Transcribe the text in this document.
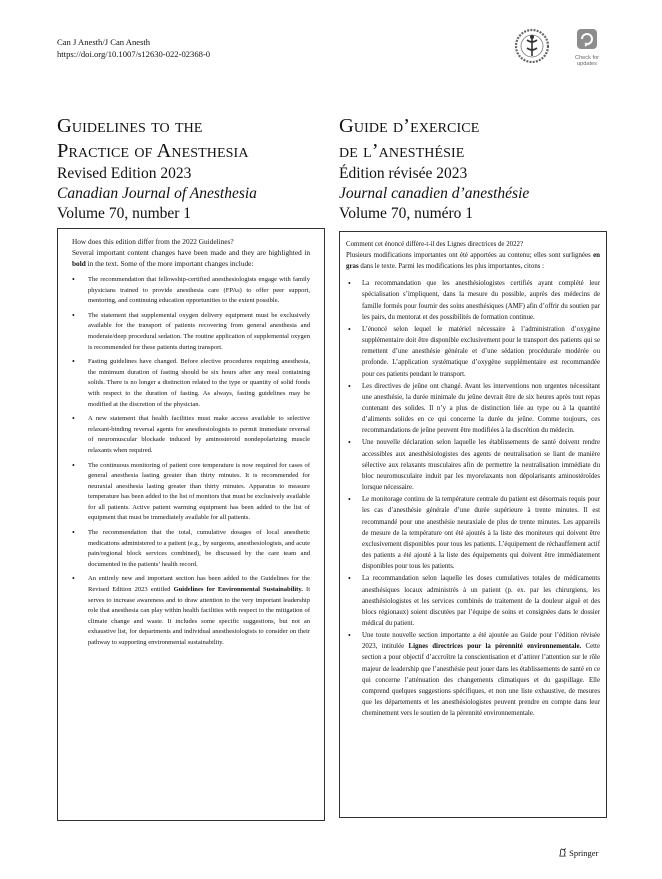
Can J Anesth/J Can Anesth
https://doi.org/10.1007/s12630-022-02368-0	Check for updates
Guidelines to the
Practice of Anesthesia
Revised Edition 2023
Canadian Journal of Anesthesia
Volume 70, number 1
Guide d’exercice
de l’anesthésie
Édition révisée 2023
Journal canadien d’anesthésie
Volume 70, numéro 1
How does this edition differ from the 2022 Guidelines?
Several important content changes have been made and they are highlighted in bold in the text. Some of the more important changes include:
• The recommendation that fellowship-certified anesthesiologists engage with family physicians trained to provide anesthesia care (FPAs) to offer peer support, mentoring, and continuing education opportunities to the extent possible.
• The statement that supplemental oxygen delivery equipment must be exclusively available for the transport of patients recovering from general anesthesia and moderate/deep procedural sedation. The routine application of supplemental oxygen is recommended for these patients during transport.
• Fasting guidelines have changed. Before elective procedures requiring anesthesia, the minimum duration of fasting should be six hours after any meal containing solids. There is no longer a distinction related to the type or quantity of solid foods with respect to the duration of fasting. As always, fasting guidelines may be modified at the discretion of the physician.
• A new statement that health facilities must make access available to selective relaxant-binding reversal agents for anesthesiologists to permit immediate reversal of neuromuscular blockade induced by aminosteroid nondepolarizing muscle relaxants when required.
• The continuous monitoring of patient core temperature is now required for cases of general anesthesia lasting greater than thirty minutes. It is recommended for neuraxial anesthesia lasting greater than thirty minutes. Apparatus to measure temperature has been added to the list of monitors that must be exclusively available for all patients. Active patient warming equipment has been added to the list of equipment that must be immediately available for all patients.
• The recommendation that the total, cumulative dosages of local anesthetic medications administered to a patient (e.g., by surgeons, anesthesiologists, and acute pain/regional block services combined), be discussed by the care team and documented in the patients’ health record.
• An entirely new and important section has been added to the Guidelines for the Revised Edition 2023 entitled Guidelines for Environmental Sustainability. It serves to increase awareness and to draw attention to the very important leadership role that anesthesia can play within health facilities with respect to the mitigation of climate change and waste. It includes some specific suggestions, but not an exhaustive list, for departments and individual anesthesiologists to consider on their pathway to supporting environmental sustainability.
Comment cet énoncé diffère-t-il des Lignes directrices de 2022?
Plusieurs modifications importantes ont été apportées au contenu; elles sont surlignées en gras dans le texte. Parmi les modifications les plus importantes, citons :
• La recommandation que les anesthésiologistes certifiés ayant complété leur spécialisation s’impliquent, dans la mesure du possible, auprès des médecins de famille formés pour fournir des soins anesthésiques (AMF) afin d’offrir du soutien par les pairs, du mentorat et des possibilités de formation continue.
• L’énoncé selon lequel le matériel nécessaire à l’administration d’oxygène supplémentaire doit être disponible exclusivement pour le transport des patients qui se remettent d’une anesthésie générale et d’une sédation procédurale modérée ou profonde. L’application systématique d’oxygène supplémentaire est recommandée pour ces patients pendant le transport.
• Les directives de jeûne ont changé. Avant les interventions non urgentes nécessitant une anesthésie, la durée minimale du jeûne devrait être de six heures après tout repas contenant des solides. Il n’y a plus de distinction liée au type ou à la quantité d’aliments solides en ce qui concerne la durée du jeûne. Comme toujours, ces recommandations de jeûne peuvent être modifiées à la discrétion du médecin.
• Une nouvelle déclaration selon laquelle les établissements de santé doivent rendre accessibles aux anesthésiologistes des agents de neutralisation se liant de manière sélective aux relaxants musculaires afin de permettre la neutralisation immédiate du bloc neuromusculaire induit par les myorelaxants non dépolarisants aminostéroïdes lorsque nécessaire.
• Le monitorage continu de la température centrale du patient est désormais requis pour les cas d’anesthésie générale d’une durée supérieure à trente minutes. Il est recommandé pour une anesthésie neuraxiale de plus de trente minutes. Les appareils de mesure de la température ont été ajoutés à la liste des moniteurs qui doivent être exclusivement disponibles pour tous les patients. L’équipement de réchauffement actif des patients a été ajouté à la liste des équipements qui doivent être immédiatement disponibles pour tous les patients.
• La recommandation selon laquelle les doses cumulatives totales de médicaments anesthésiques locaux administrés à un patient (p. ex. par les chirurgiens, les anesthésiologistes et les services combinés de traitement de la douleur aiguë et des blocs régionaux) soient discutées par l’équipe de soins et consignées dans le dossier médical du patient.
• Une toute nouvelle section importante a été ajoutée au Guide pour l’édition révisée 2023, intitulée Lignes directrices pour la pérennité environnementale. Cette section a pour objectif d’accroître la conscientisation et d’attirer l’attention sur le rôle majeur de leadership que l’anesthésie peut jouer dans les établissements de santé en ce qui concerne l’atténuation des changements climatiques et du gaspillage. Elle comprend quelques suggestions spécifiques, et non une liste exhaustive, de mesures que les départements et les anesthésiologistes peuvent prendre en compte dans leur cheminement vers le soutien de la pérennité environnementale.
Springer
